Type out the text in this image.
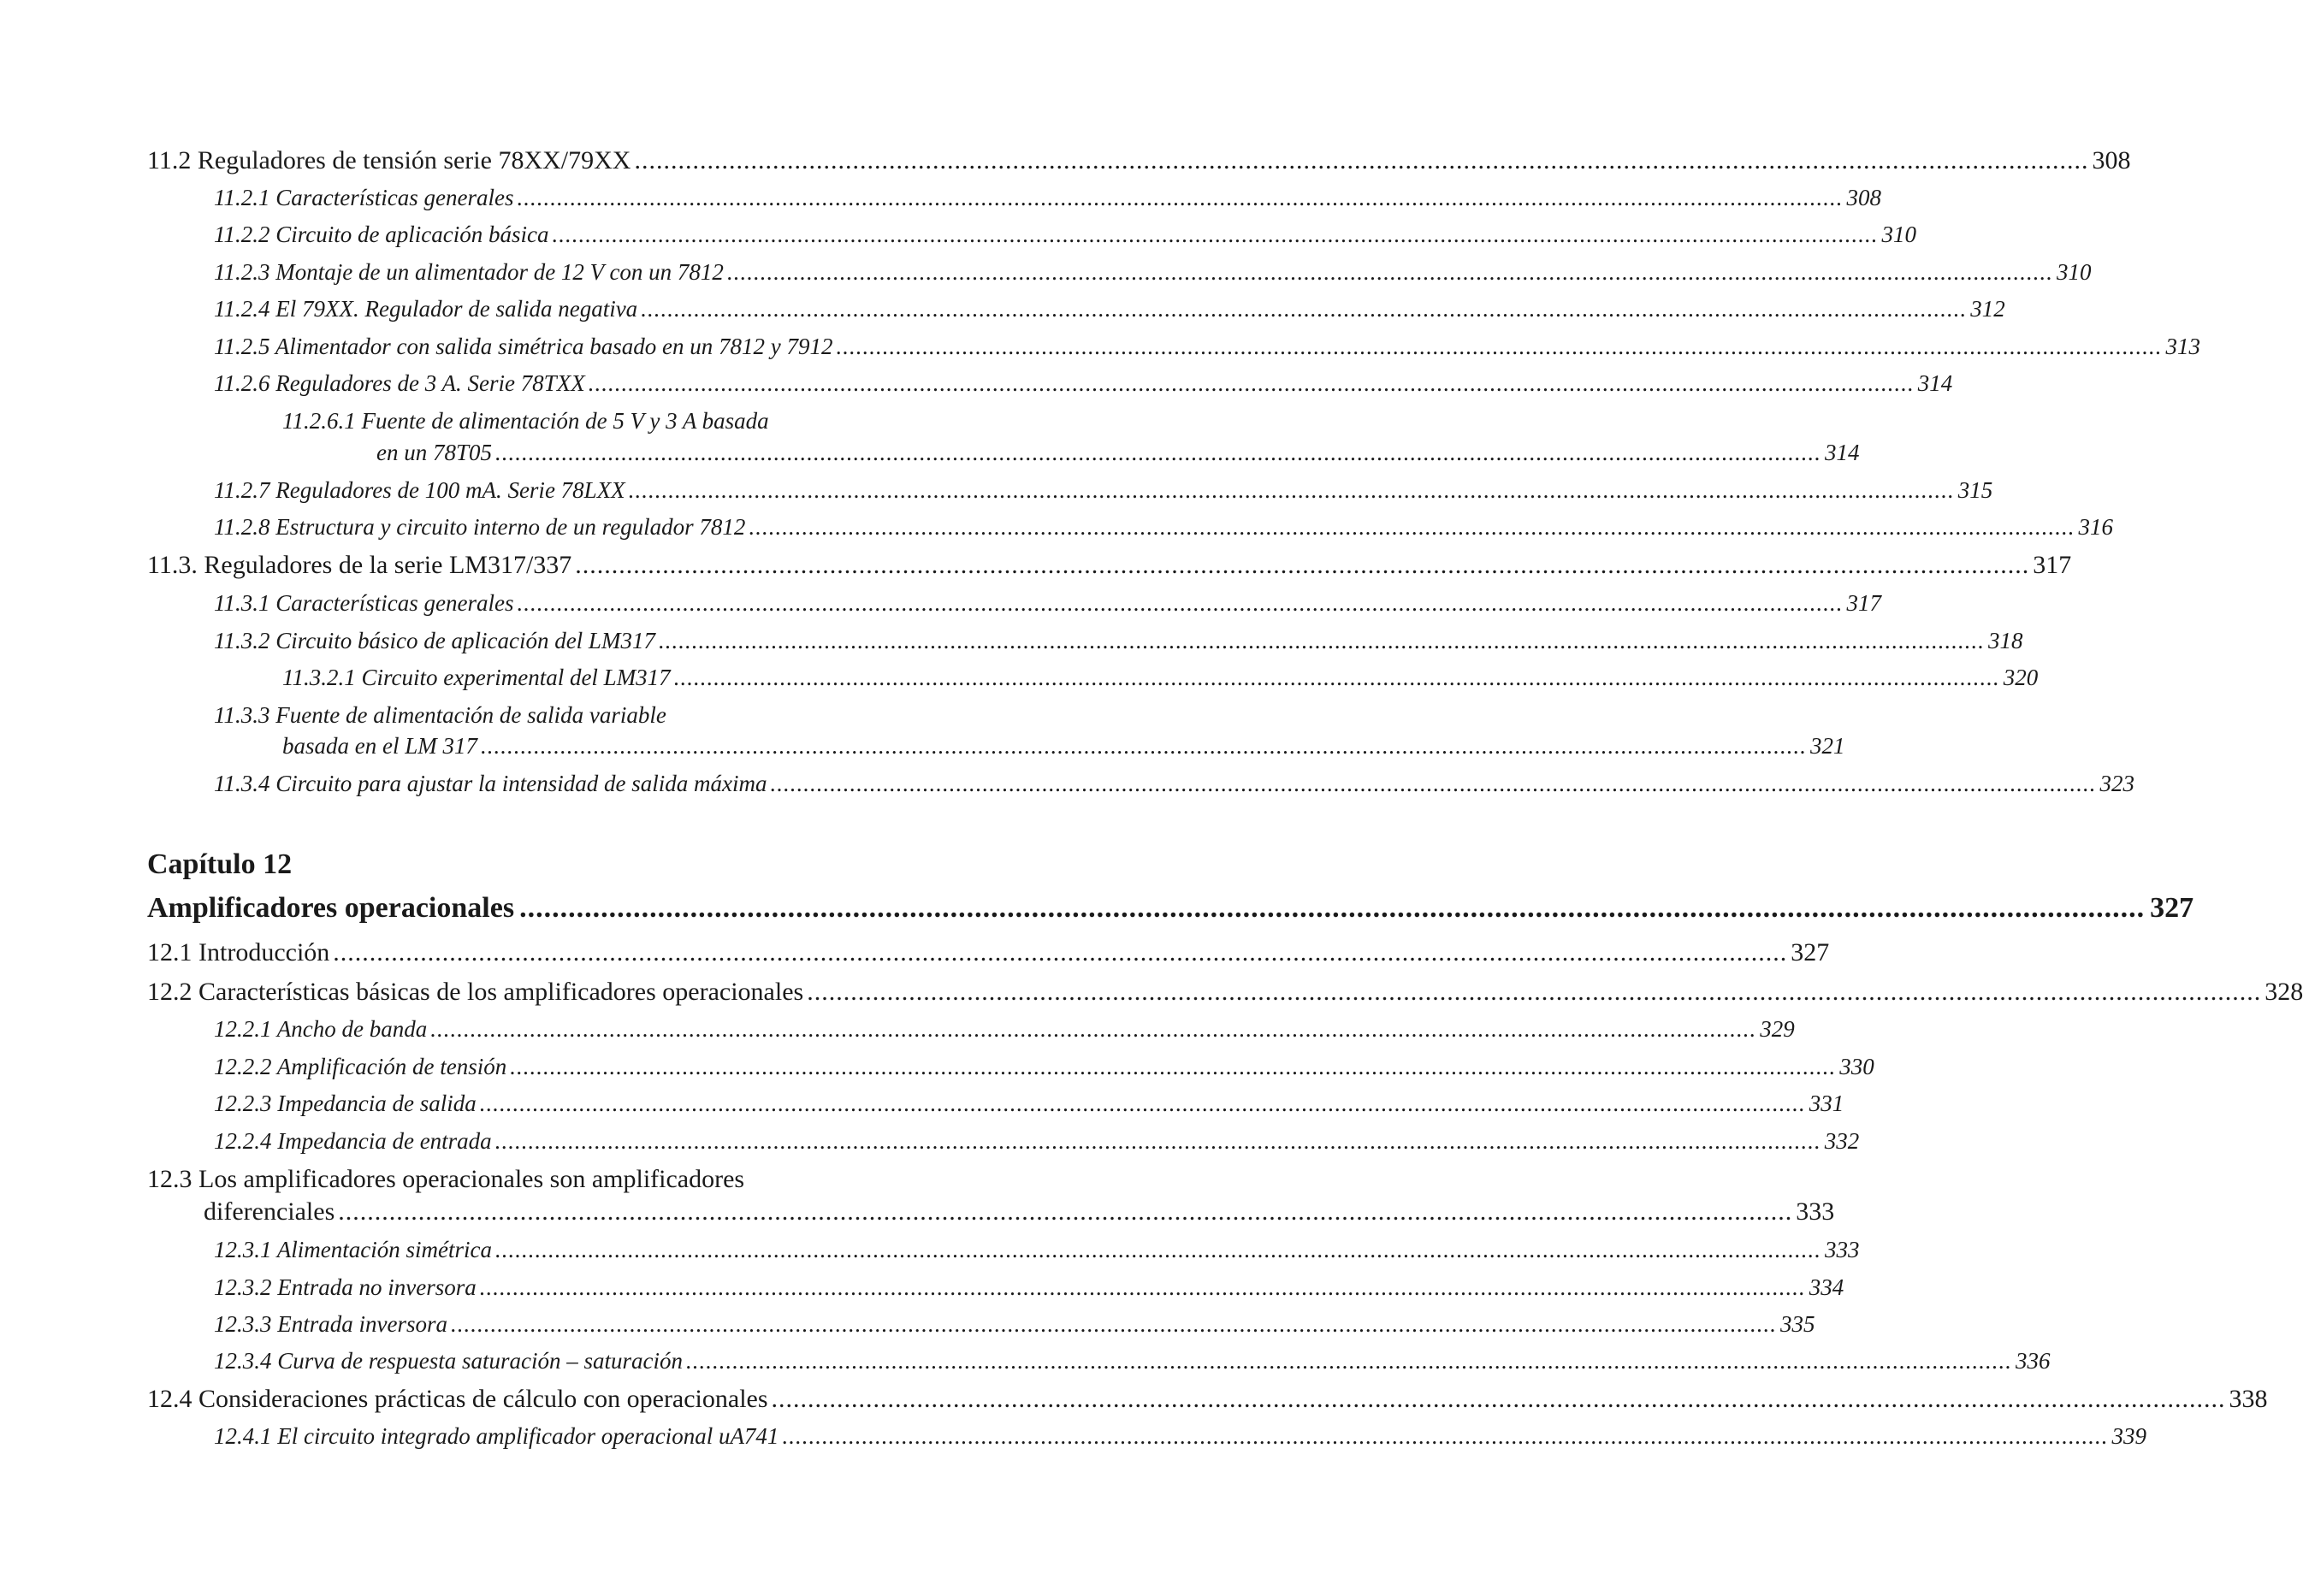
11.2 Reguladores de tensión serie 78XX/79XX ........................................................................................................................................................................................................ 308
11.2.1 Características generales ........................................................................................................................................................................................................ 308
11.2.2 Circuito de aplicación básica ........................................................................................................................................................................................................ 310
11.2.3 Montaje de un alimentador de 12 V con un 7812 ........................................................................................................................................................................................................ 310
11.2.4 El 79XX. Regulador de salida negativa ........................................................................................................................................................................................................ 312
11.2.5 Alimentador con salida simétrica basado en un 7812 y 7912 ........................................................................................................................................................................................................ 313
11.2.6 Reguladores de 3 A. Serie 78TXX ........................................................................................................................................................................................................ 314
11.2.6.1 Fuente de alimentación de 5 V y 3 A basada
en un 78T05 ........................................................................................................................................................................................................ 314
11.2.7 Reguladores de 100 mA. Serie 78LXX ........................................................................................................................................................................................................ 315
11.2.8 Estructura y circuito interno de un regulador 7812 ........................................................................................................................................................................................................ 316
11.3. Reguladores de la serie LM317/337 ........................................................................................................................................................................................................ 317
11.3.1 Características generales ........................................................................................................................................................................................................ 317
11.3.2 Circuito básico de aplicación del LM317 ........................................................................................................................................................................................................ 318
11.3.2.1 Circuito experimental del LM317 ........................................................................................................................................................................................................ 320
11.3.3 Fuente de alimentación de salida variable
basada en el LM 317 ........................................................................................................................................................................................................ 321
11.3.4 Circuito para ajustar la intensidad de salida máxima ........................................................................................................................................................................................................ 323
Capítulo 12
Amplificadores operacionales ........................................................................................................................................................................................................ 327
12.1 Introducción ........................................................................................................................................................................................................ 327
12.2 Características básicas de los amplificadores operacionales ........................................................................................................................................................................................................ 328
12.2.1 Ancho de banda ........................................................................................................................................................................................................ 329
12.2.2 Amplificación de tensión ........................................................................................................................................................................................................ 330
12.2.3 Impedancia de salida ........................................................................................................................................................................................................ 331
12.2.4 Impedancia de entrada ........................................................................................................................................................................................................ 332
12.3 Los amplificadores operacionales son amplificadores
diferenciales ........................................................................................................................................................................................................ 333
12.3.1 Alimentación simétrica ........................................................................................................................................................................................................ 333
12.3.2 Entrada no inversora ........................................................................................................................................................................................................ 334
12.3.3 Entrada inversora ........................................................................................................................................................................................................ 335
12.3.4 Curva de respuesta saturación – saturación ........................................................................................................................................................................................................ 336
12.4 Consideraciones prácticas de cálculo con operacionales ........................................................................................................................................................................................................ 338
12.4.1 El circuito integrado amplificador operacional uA741 ........................................................................................................................................................................................................ 339
